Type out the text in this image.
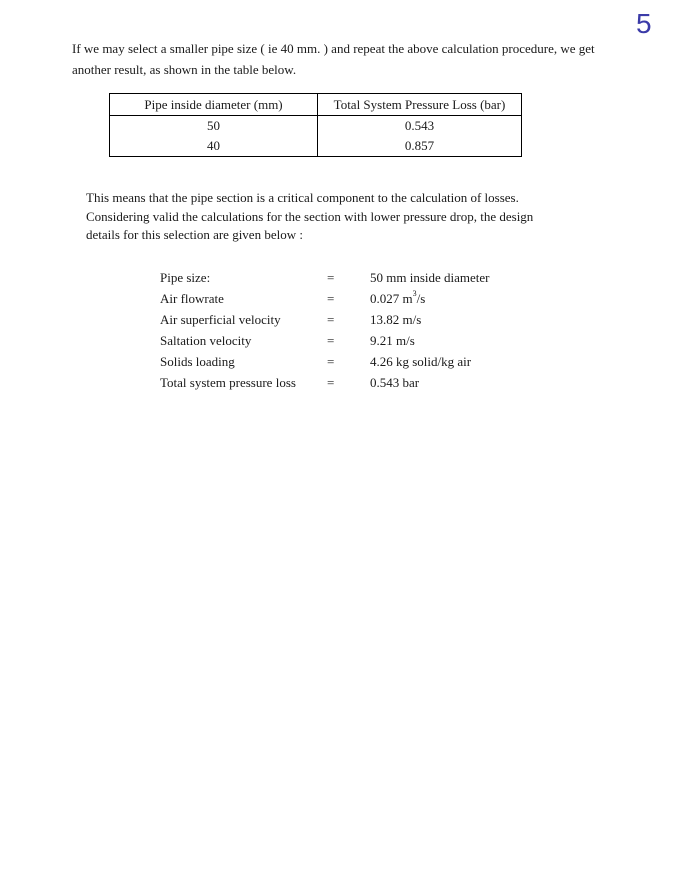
5

If we may select a smaller pipe size ( ie 40 mm. ) and repeat the above calculation procedure, we get another result, as shown in the table below.

Pipe inside diameter (mm)	Total System Pressure Loss (bar)
50	0.543
40	0.857

This means that the pipe section is a critical component to the calculation of losses. Considering valid the calculations for the section with lower pressure drop, the design details for this selection are given below :

Pipe size:	=	50 mm inside diameter
Air flowrate	=	0.027 $m^3/s$
Air superficial velocity	=	13.82 m/s
Saltation velocity	=	9.21 m/s
Solids loading	=	4.26 kg solid/kg air
Total system pressure loss	=	0.543 bar
